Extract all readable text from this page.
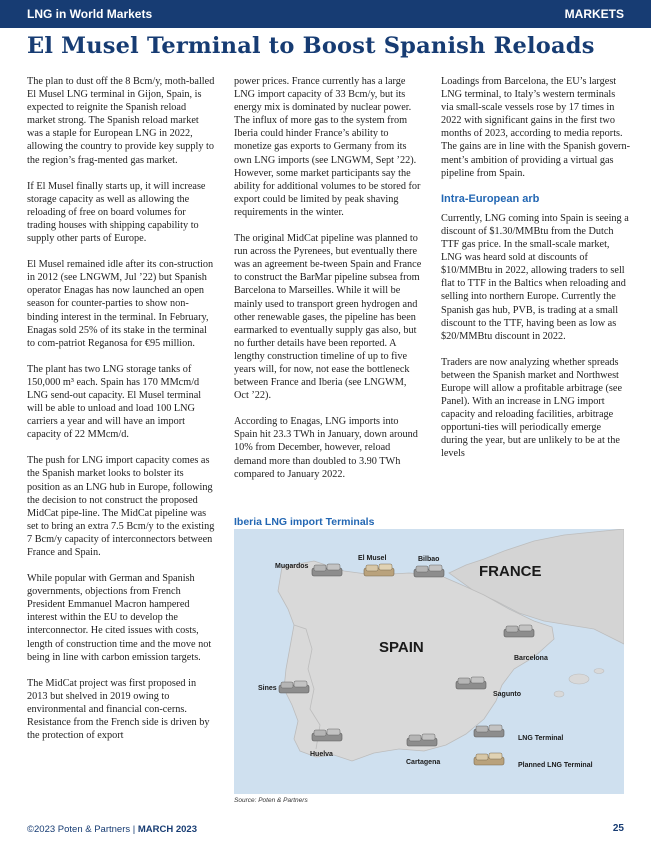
LNG in World Markets	MARKETS
El Musel Terminal to Boost Spanish Reloads

The plan to dust off the 8 Bcm/y, moth-balled El Musel LNG terminal in Gijon, Spain, is expected to reignite the Spanish reload market strong. The Spanish reload market was a staple for European LNG in 2022, allowing the country to provide key supply to the region’s frag-mented gas market.

If El Musel finally starts up, it will increase storage capacity as well as allowing the reloading of free on board volumes for trading houses with shipping capability to supply other parts of Europe.

El Musel remained idle after its con-struction in 2012 (see LNGWM, Jul ’22) but Spanish operator Enagas has now launched an open season for counter-parties to show non-binding interest in the terminal. In February, Enagas sold 25% of its stake in the terminal to com-patriot Reganosa for €95 million.

The plant has two LNG storage tanks of 150,000 m³ each. Spain has 170 MMcm/d LNG send-out capacity. El Musel terminal will be able to unload and load 100 LNG carriers a year and will have an import capacity of 22 MMcm/d.

The push for LNG import capacity comes as the Spanish market looks to bolster its position as an LNG hub in Europe, following the decision to not construct the proposed MidCat pipe-line. The MidCat pipeline was set to bring an extra 7.5 Bcm/y to the existing 7 Bcm/y capacity of interconnectors between France and Spain.

While popular with German and Spanish governments, objections from French President Emmanuel Macron hampered interest within the EU to develop the interconnector. He cited issues with costs, length of construction time and the move not being in line with carbon emission targets.

The MidCat project was first proposed in 2013 but shelved in 2019 owing to environmental and financial con-cerns. Resistance from the French side is driven by the protection of export

power prices. France currently has a large LNG import capacity of 33 Bcm/y, but its energy mix is dominated by nuclear power. The influx of more gas to the system from Iberia could hinder France’s ability to monetize gas exports to Germany from its own LNG imports (see LNGWM, Sept ’22). However, some market participants say the ability for additional volumes to be stored for export could be limited by peak shaving requirements in the winter.

The original MidCat pipeline was planned to run across the Pyrenees, but eventually there was an agreement be-tween Spain and France to construct the BarMar pipeline subsea from Barcelona to Marseilles. While it will be mainly used to transport green hydrogen and other renewable gases, the pipeline has been earmarked to eventually supply gas also, but no further details have been reported. A lengthy construction timeline of up to five years will, for now, not ease the bottleneck between France and Iberia (see LNGWM, Oct ’22).

According to Enagas, LNG imports into Spain hit 23.3 TWh in January, down around 10% from December, however, reload demand more than doubled to 3.90 TWh compared to January 2022.

Loadings from Barcelona, the EU’s largest LNG terminal, to Italy’s western terminals via small-scale vessels rose by 17 times in 2022 with significant gains in the first two months of 2023, according to media reports. The gains are in line with the Spanish govern-ment’s ambition of providing a virtual gas pipeline from Spain.

Intra-European arb

Currently, LNG coming into Spain is seeing a discount of $1.30/MMBtu from the Dutch TTF gas price. In the small-scale market, LNG was heard sold at discounts of $10/MMBtu in 2022, allowing traders to sell flat to TTF in the Baltics when reloading and selling into northern Europe. Currently the Spanish gas hub, PVB, is trading at a small discount to the TTF, having been as low as $20/MMBtu discount in 2022.

Traders are now analyzing whether spreads between the Spanish market and Northwest Europe will allow a profitable arbitrage (see Panel). With an increase in LNG import capacity and reloading facilities, arbitrage opportuni-ties will periodically emerge during the year, but are unlikely to be at the levels

Iberia LNG import Terminals
FRANCE
SPAIN
Mugardos
El Musel	Bilbao
Barcelona
Sagunto
Sines
Huelva
Cartagena
LNG Terminal
Planned LNG Terminal
Source: Poten & Partners
©2023 Poten & Partners | MARCH 2023	25
